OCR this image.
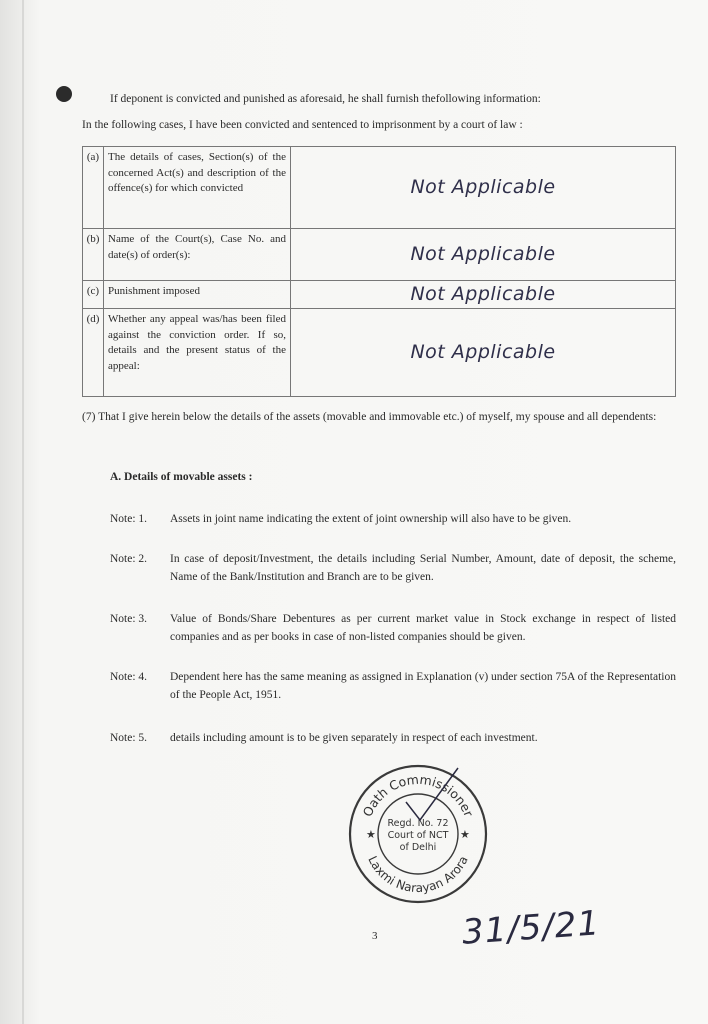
If deponent is convicted and punished as aforesaid, he shall furnish thefollowing information:
In the following cases, I have been convicted and sentenced to imprisonment by a court of law :
(a)	The details of cases, Section(s) of the concerned Act(s) and description of the offence(s) for which convicted	Not Applicable
(b)	Name of the Court(s), Case No. and date(s) of order(s):	Not Applicable
(c)	Punishment imposed	Not Applicable
(d)	Whether any appeal was/has been filed against the conviction order. If so, details and the present status of the appeal:	Not Applicable
(7) That I give herein below the details of the assets (movable and immovable etc.) of myself, my spouse and all dependents:
A. Details of movable assets :
Note: 1.	Assets in joint name indicating the extent of joint ownership will also have to be given.
Note: 2.	In case of deposit/Investment, the details including Serial Number, Amount, date of deposit, the scheme, Name of the Bank/Institution and Branch are to be given.
Note: 3.	Value of Bonds/Share Debentures as per current market value in Stock exchange in respect of listed companies and as per books in case of non-listed companies should be given.
Note: 4.	Dependent here has the same meaning as assigned in Explanation (v) under section 75A of the Representation of the People Act, 1951.
Note: 5.	details including amount is to be given separately in respect of each investment.
Oath Commissioner
Laxmi Narayan Arora
★	★
Regd. No. 72
Court of NCT
of Delhi
3 31/5/21
